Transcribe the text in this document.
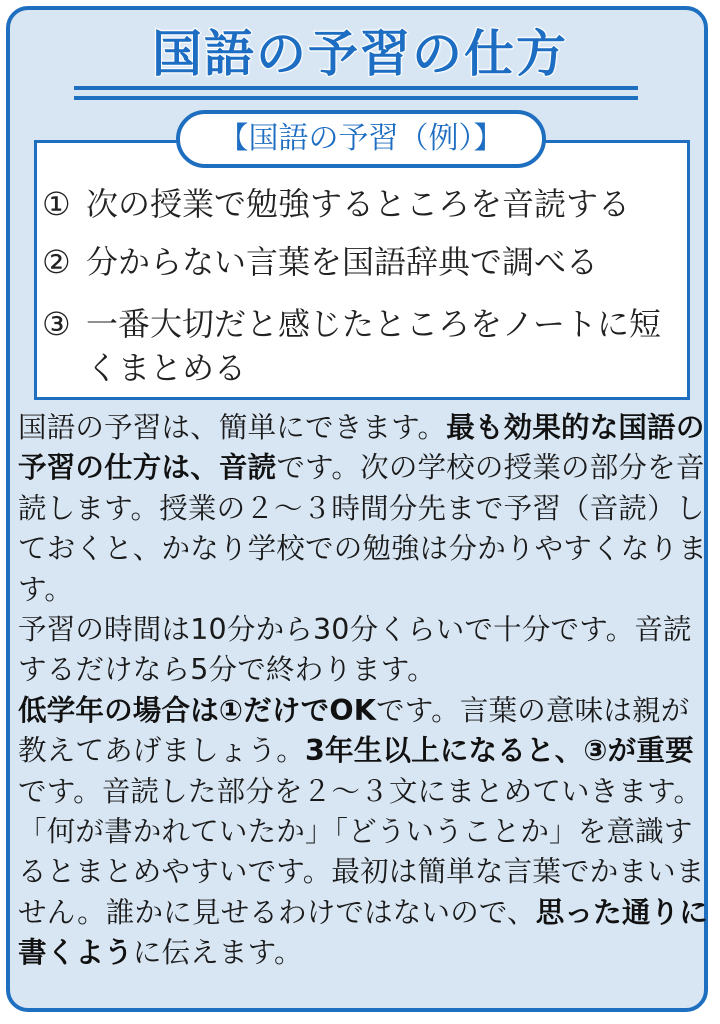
国語の予習の仕方
【国語の予習（例）】
① 次の授業で勉強するところを音読する
② 分からない言葉を国語辞典で調べる
③ 一番大切だと感じたところをノートに短くまとめる
国語の予習は、簡単にできます。最も効果的な国語の予習の仕方は、音読です。次の学校の授業の部分を音読します。授業の２～３時間分先まで予習（音読）しておくと、かなり学校での勉強は分かりやすくなります。
予習の時間は10分から30分くらいで十分です。音読するだけなら5分で終わります。
低学年の場合は①だけでOKです。言葉の意味は親が教えてあげましょう。3年生以上になると、③が重要です。音読した部分を２～３文にまとめていきます。「何が書かれていたか」「どういうことか」を意識するとまとめやすいです。最初は簡単な言葉でかまいません。誰かに見せるわけではないので、思った通りに書くように伝えます。
